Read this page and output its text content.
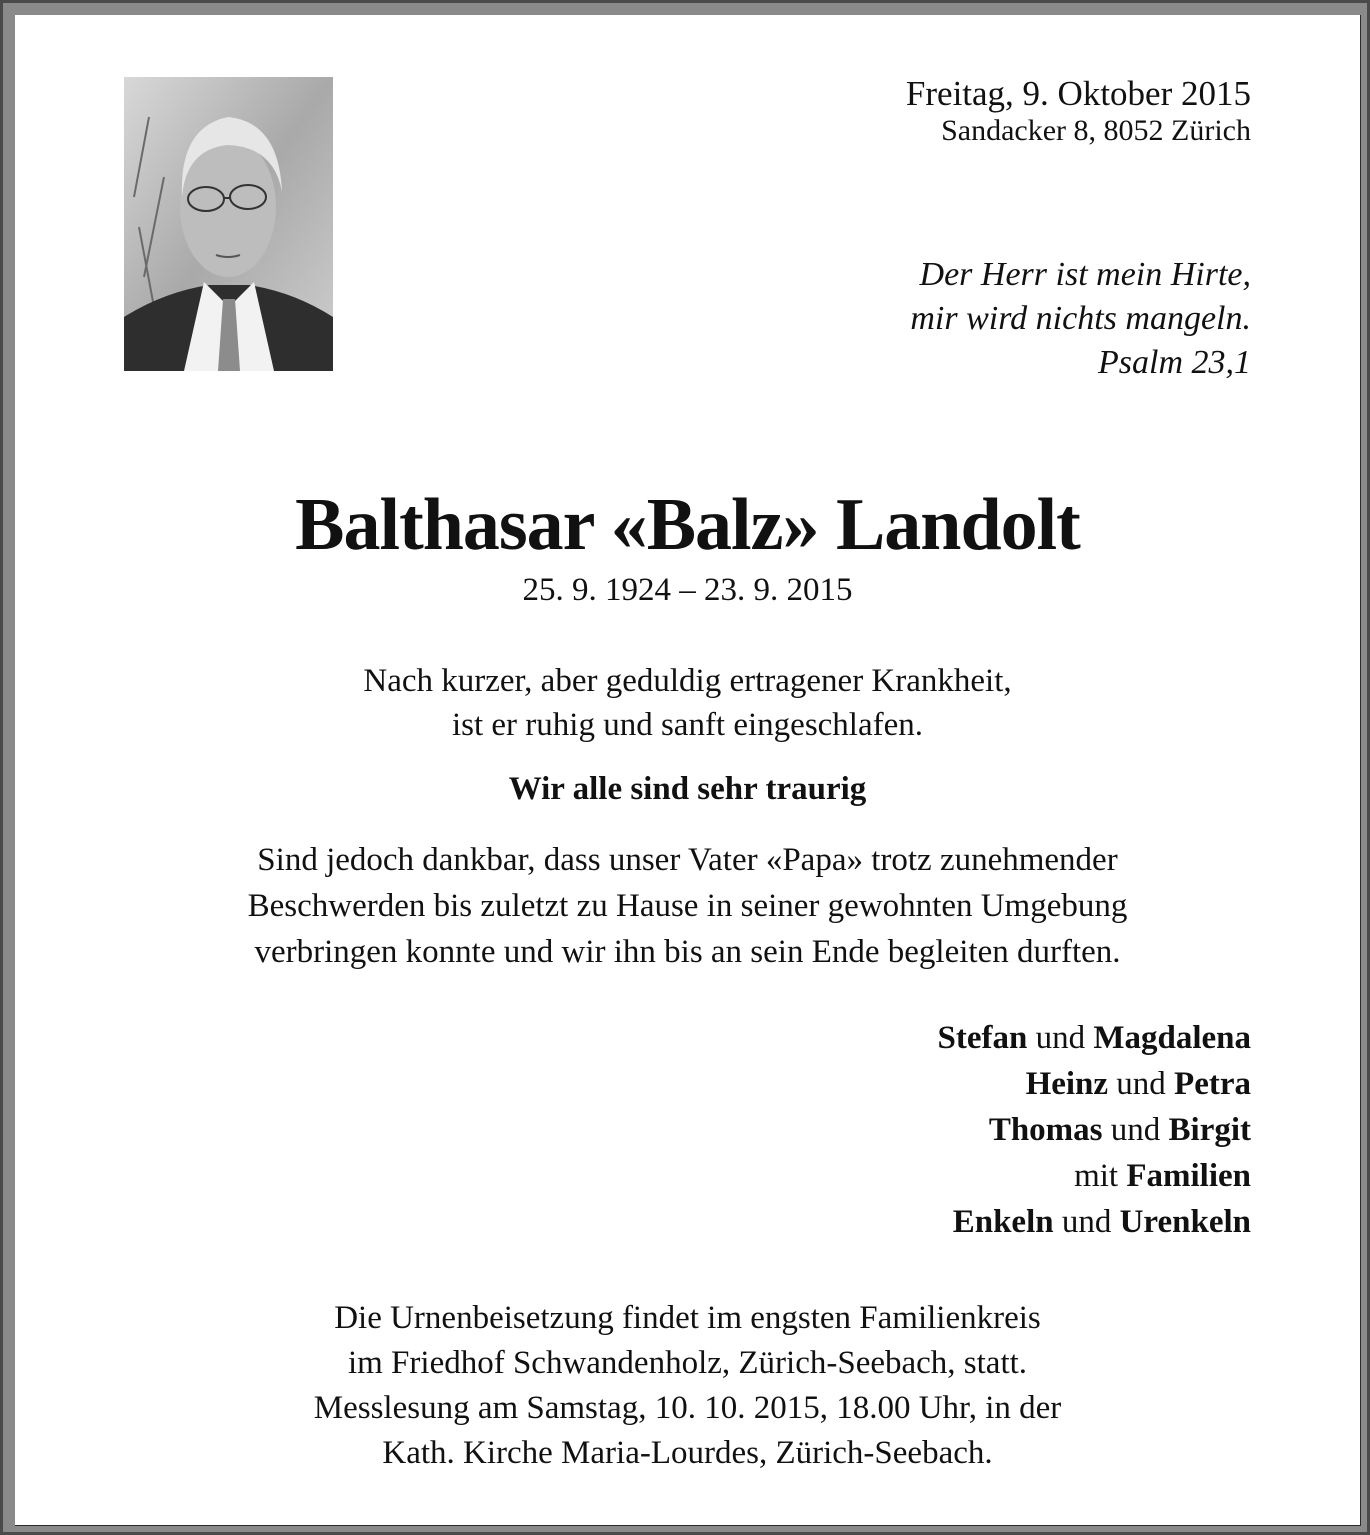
Freitag, 9. Oktober 2015
Sandacker 8, 8052 Zürich
Der Herr ist mein Hirte,
mir wird nichts mangeln.
Psalm 23,1
Balthasar «Balz» Landolt
25. 9. 1924 – 23. 9. 2015
Nach kurzer, aber geduldig ertragener Krankheit,
ist er ruhig und sanft eingeschlafen.
Wir alle sind sehr traurig
Sind jedoch dankbar, dass unser Vater «Papa» trotz zunehmender
Beschwerden bis zuletzt zu Hause in seiner gewohnten Umgebung
verbringen konnte und wir ihn bis an sein Ende begleiten durften.
Stefan und Magdalena
Heinz und Petra
Thomas und Birgit
mit Familien
Enkeln und Urenkeln
Die Urnenbeisetzung findet im engsten Familienkreis
im Friedhof Schwandenholz, Zürich-Seebach, statt.
Messlesung am Samstag, 10. 10. 2015, 18.00 Uhr, in der
Kath. Kirche Maria-Lourdes, Zürich-Seebach.
